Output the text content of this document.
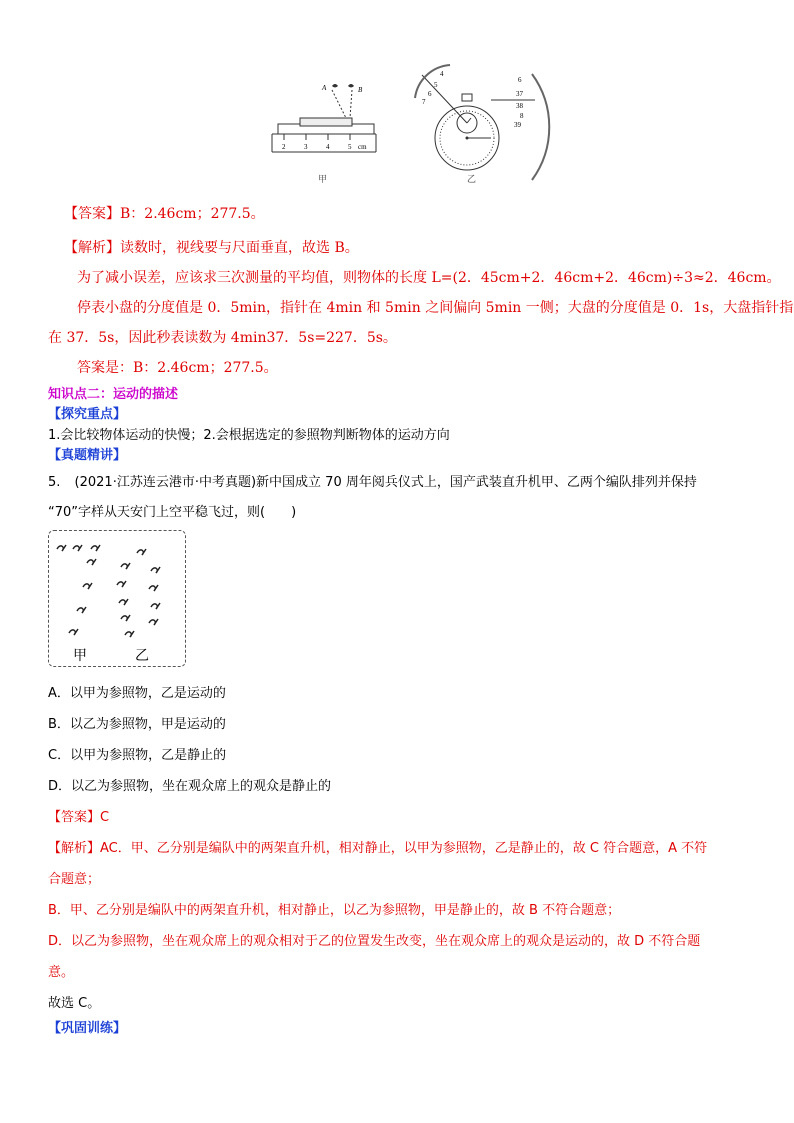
2	3	4	5 cm
A	B
4
5
6
7
6
37
38
8
39
甲	乙
【答案】B：2.46cm；277.5。
【解析】读数时，视线要与尺面垂直，故选 B。
为了减小误差，应该求三次测量的平均值，则物体的长度 L=(2．45cm+2．46cm+2．46cm)÷3≈2．46cm。
停表小盘的分度值是 0．5min，指针在 4min 和 5min 之间偏向 5min 一侧；大盘的分度值是 0．1s，大盘指针指
在 37．5s，因此秒表读数为 4min37．5s=227．5s。
答案是：B：2.46cm；277.5。
知识点二：运动的描述
【探究重点】
1.会比较物体运动的快慢；2.会根据选定的参照物判断物体的运动方向
【真题精讲】
5. (2021·江苏连云港市·中考真题)新中国成立 70 周年阅兵仪式上，国产武装直升机甲、乙两个编队排列并保持
“70”字样从天安门上空平稳飞过，则(　　)
甲	乙
A．以甲为参照物，乙是运动的
B．以乙为参照物，甲是运动的
C．以甲为参照物，乙是静止的
D．以乙为参照物，坐在观众席上的观众是静止的
【答案】C
【解析】AC．甲、乙分别是编队中的两架直升机，相对静止，以甲为参照物，乙是静止的，故 C 符合题意，A 不符
合题意；
B．甲、乙分别是编队中的两架直升机，相对静止，以乙为参照物，甲是静止的，故 B 不符合题意；
D．以乙为参照物，坐在观众席上的观众相对于乙的位置发生改变，坐在观众席上的观众是运动的，故 D 不符合题
意。
故选 C。
【巩固训练】
